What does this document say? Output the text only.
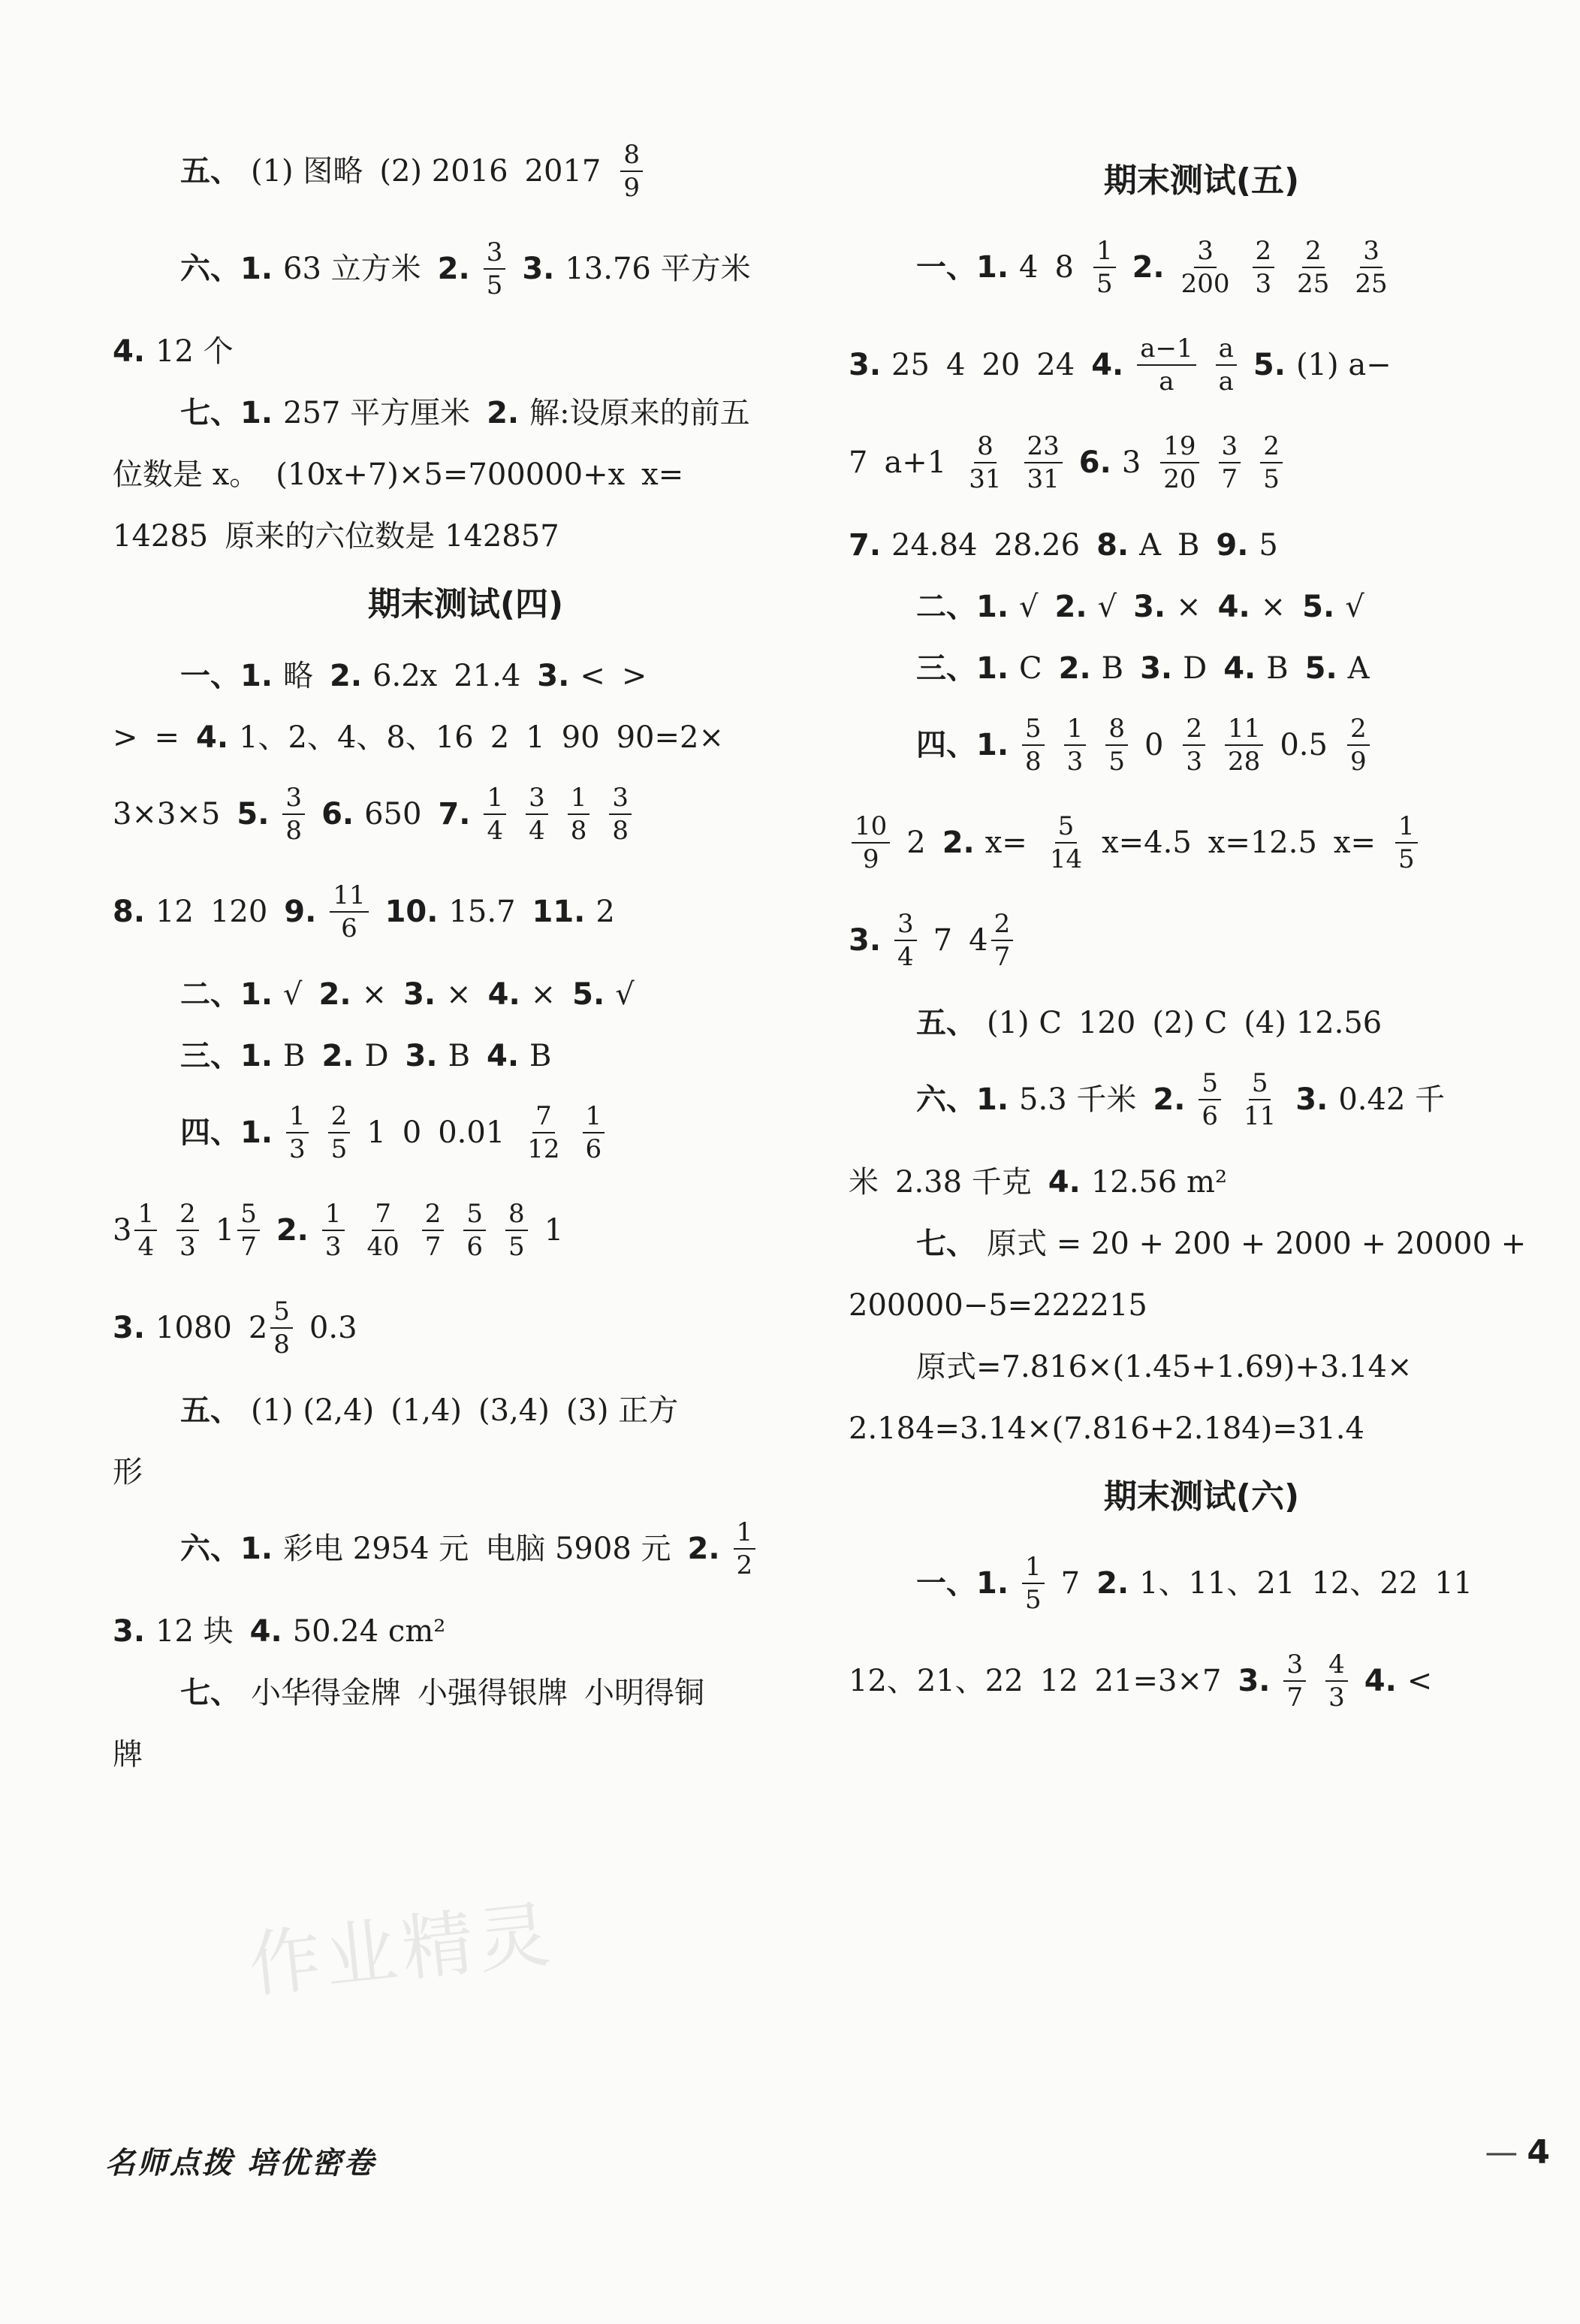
五、 (1) 图略 (2) 2016 $2017 \frac{8}{9}$
六、1. 63 立方米 2. $\frac{3}{5} 3$. 13.76 平方米
4. 12 个
七、1. 257 平方厘米 2. 解:设原来的前五
位数是 x。 (10x+7)×5=700000+x x=
14285 原来的六位数是 142857
期末测试(四)
一、1. 略 2. 6.2x 21.4 3. < >
> = 4. 1、2、4、8、16 2 1 90 90=2×
3×3×5 5. $\frac{3}{8} 6$. 650 7. $\frac{1}{4} \frac{3}{4} \frac{1}{8} \frac{3}{8}$
8. 12 120 9. $\frac{11}{6} 10$. 15.7 11. 2
二、1. √ 2. × 3. × 4. × 5. √
三、1. B 2. D 3. B 4. B
四、1. $\frac{1}{3} \frac{2}{5} 1$ 0 $0.01 \frac{7}{12} \frac{1}{6}$
$3 \frac{1}{4} \frac{2}{3} 1 \frac{5}{7} 2$. $\frac{1}{3} \frac{7}{40} \frac{2}{7} \frac{5}{6} \frac{8}{5} 1$
3. 1080 $2 \frac{5}{8} 0.3$
五、 (1) (2,4) (1,4) (3,4) (3) 正方
形
六、1. 彩电 2954 元 电脑 5908 元 2. $\frac{1}{2}$
3. 12 块 4. 50.24 cm²
七、 小华得金牌 小强得银牌 小明得铜
牌
期末测试(五)
一、1. 4 $8 \frac{1}{5} 2$. $\frac{3}{200} \frac{2}{3} \frac{2}{25} \frac{3}{25}$
3. 25 4 20 24 4. $\frac{a-1}{a} \frac{a}{a} 5$. (1) a−
7 $a+1 \frac{8}{31} \frac{23}{31} 6$. $3 \frac{19}{20} \frac{3}{7} \frac{2}{5}$
7. 24.84 28.26 8. A B 9. 5
二、1. √ 2. √ 3. × 4. × 5. √
三、1. C 2. B 3. D 4. B 5. A
四、1. $\frac{5}{8} \frac{1}{3} \frac{8}{5} 0 \frac{2}{3} \frac{11}{28} 0.5 \frac{2}{9}$
$\frac{10}{9} 2$ 2. $x= \frac{5}{14} x=4.5$ x=12.5 $x= \frac{1}{5}$
3. $\frac{3}{4} 7$ $4 \frac{2}{7}$
五、 (1) C 120 (2) C (4) 12.56
六、1. 5.3 千米 2. $\frac{5}{6} \frac{5}{11} 3$. 0.42 千
米 2.38 千克 4. 12.56 m²
七、 原式 = 20 + 200 + 2000 + 20000 +
200000−5=222215
原式=7.816×(1.45+1.69)+3.14×
2.184=3.14×(7.816+2.184)=31.4
期末测试(六)
一、1. $\frac{1}{5} 7$ 2. 1、11、21 12、22 11
12、21、22 12 21=3×7 3. $\frac{3}{7} \frac{4}{3} 4$. <
作业精灵
名师点拨 培优密卷	— 4
